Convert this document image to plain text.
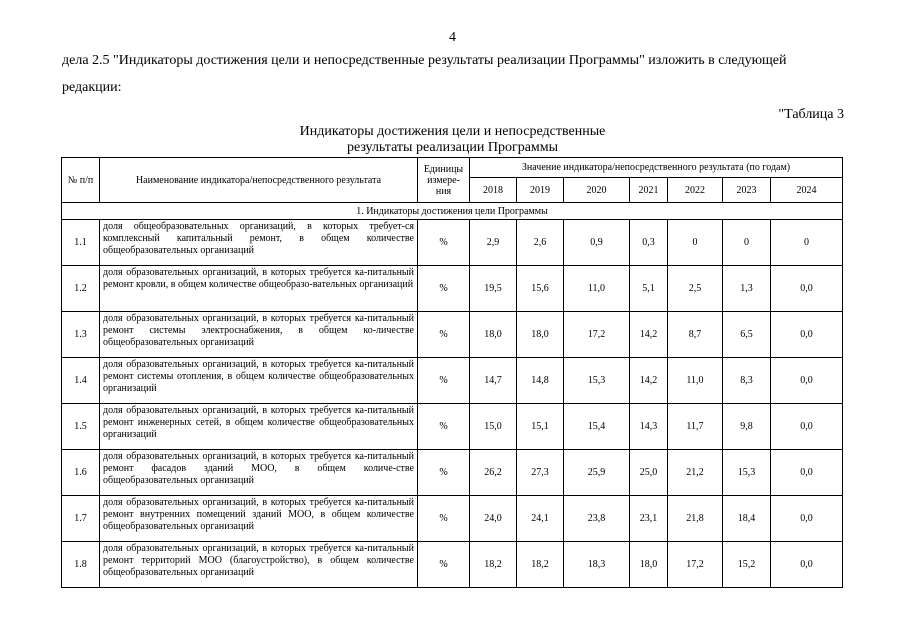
4
дела 2.5 "Индикаторы достижения цели и непосредственные результаты реализации Программы" изложить в следующей
редакции:
"Таблица 3
Индикаторы достижения цели и непосредственные
результаты реализации Программы
№ п/п	Наименование индикатора/непосредственного результата	Единицы измере-ния	Значение индикатора/непосредственного результата (по годам)						
			2018	2019	2020	2021	2022	2023	2024
1. Индикаторы достижения цели Программы									
1.1	доля общеобразовательных организаций, в которых требует-ся комплексный капитальный ремонт, в общем количестве общеобразовательных организаций	%	2,9	2,6	0,9	0,3	0	0	0
1.2	доля образовательных организаций, в которых требуется ка-питальный ремонт кровли, в общем количестве общеобразо-вательных организаций	%	19,5	15,6	11,0	5,1	2,5	1,3	0,0
1.3	доля образовательных организаций, в которых требуется ка-питальный ремонт системы электроснабжения, в общем ко-личестве общеобразовательных организаций	%	18,0	18,0	17,2	14,2	8,7	6,5	0,0
1.4	доля образовательных организаций, в которых требуется ка-питальный ремонт системы отопления, в общем количестве общеобразовательных организаций	%	14,7	14,8	15,3	14,2	11,0	8,3	0,0
1.5	доля образовательных организаций, в которых требуется ка-питальный ремонт инженерных сетей, в общем количестве общеобразовательных организаций	%	15,0	15,1	15,4	14,3	11,7	9,8	0,0
1.6	доля образовательных организаций, в которых требуется ка-питальный ремонт фасадов зданий МОО, в общем количе-стве общеобразовательных организаций	%	26,2	27,3	25,9	25,0	21,2	15,3	0,0
1.7	доля образовательных организаций, в которых требуется ка-питальный ремонт внутренних помещений зданий МОО, в общем количестве общеобразовательных организаций	%	24,0	24,1	23,8	23,1	21,8	18,4	0,0
1.8	доля образовательных организаций, в которых требуется ка-питальный ремонт территорий МОО (благоустройство), в общем количестве общеобразовательных организаций	%	18,2	18,2	18,3	18,0	17,2	15,2	0,0
